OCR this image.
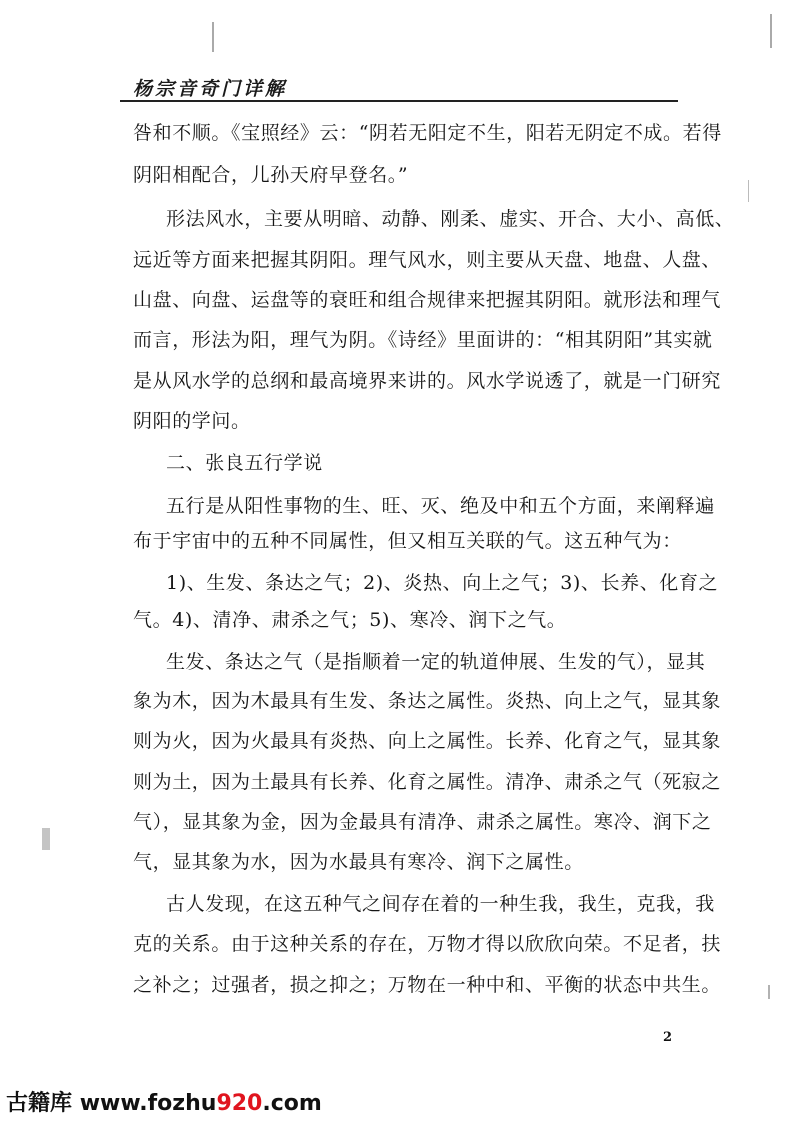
杨宗音奇门详解
咎和不顺。《宝照经》云：“阴若无阳定不生，阳若无阴定不成。若得
阴阳相配合，儿孙天府早登名。”
形法风水，主要从明暗、动静、刚柔、虚实、开合、大小、高低、
远近等方面来把握其阴阳。理气风水，则主要从天盘、地盘、人盘、
山盘、向盘、运盘等的衰旺和组合规律来把握其阴阳。就形法和理气
而言，形法为阳，理气为阴。《诗经》里面讲的：“相其阴阳”其实就
是从风水学的总纲和最高境界来讲的。风水学说透了，就是一门研究
阴阳的学问。
二、张良五行学说
五行是从阳性事物的生、旺、灭、绝及中和五个方面，来阐释遍
布于宇宙中的五种不同属性，但又相互关联的气。这五种气为：
1)、生发、条达之气；2)、炎热、向上之气；3)、长养、化育之
气。4)、清净、肃杀之气；5)、寒冷、润下之气。
生发、条达之气（是指顺着一定的轨道伸展、生发的气），显其
象为木，因为木最具有生发、条达之属性。炎热、向上之气，显其象
则为火，因为火最具有炎热、向上之属性。长养、化育之气，显其象
则为土，因为土最具有长养、化育之属性。清净、肃杀之气（死寂之
气），显其象为金，因为金最具有清净、肃杀之属性。寒冷、润下之
气，显其象为水，因为水最具有寒冷、润下之属性。
古人发现，在这五种气之间存在着的一种生我，我生，克我，我
克的关系。由于这种关系的存在，万物才得以欣欣向荣。不足者，扶
之补之；过强者，损之抑之；万物在一种中和、平衡的状态中共生。
2
古籍库 www.fozhu920.com
